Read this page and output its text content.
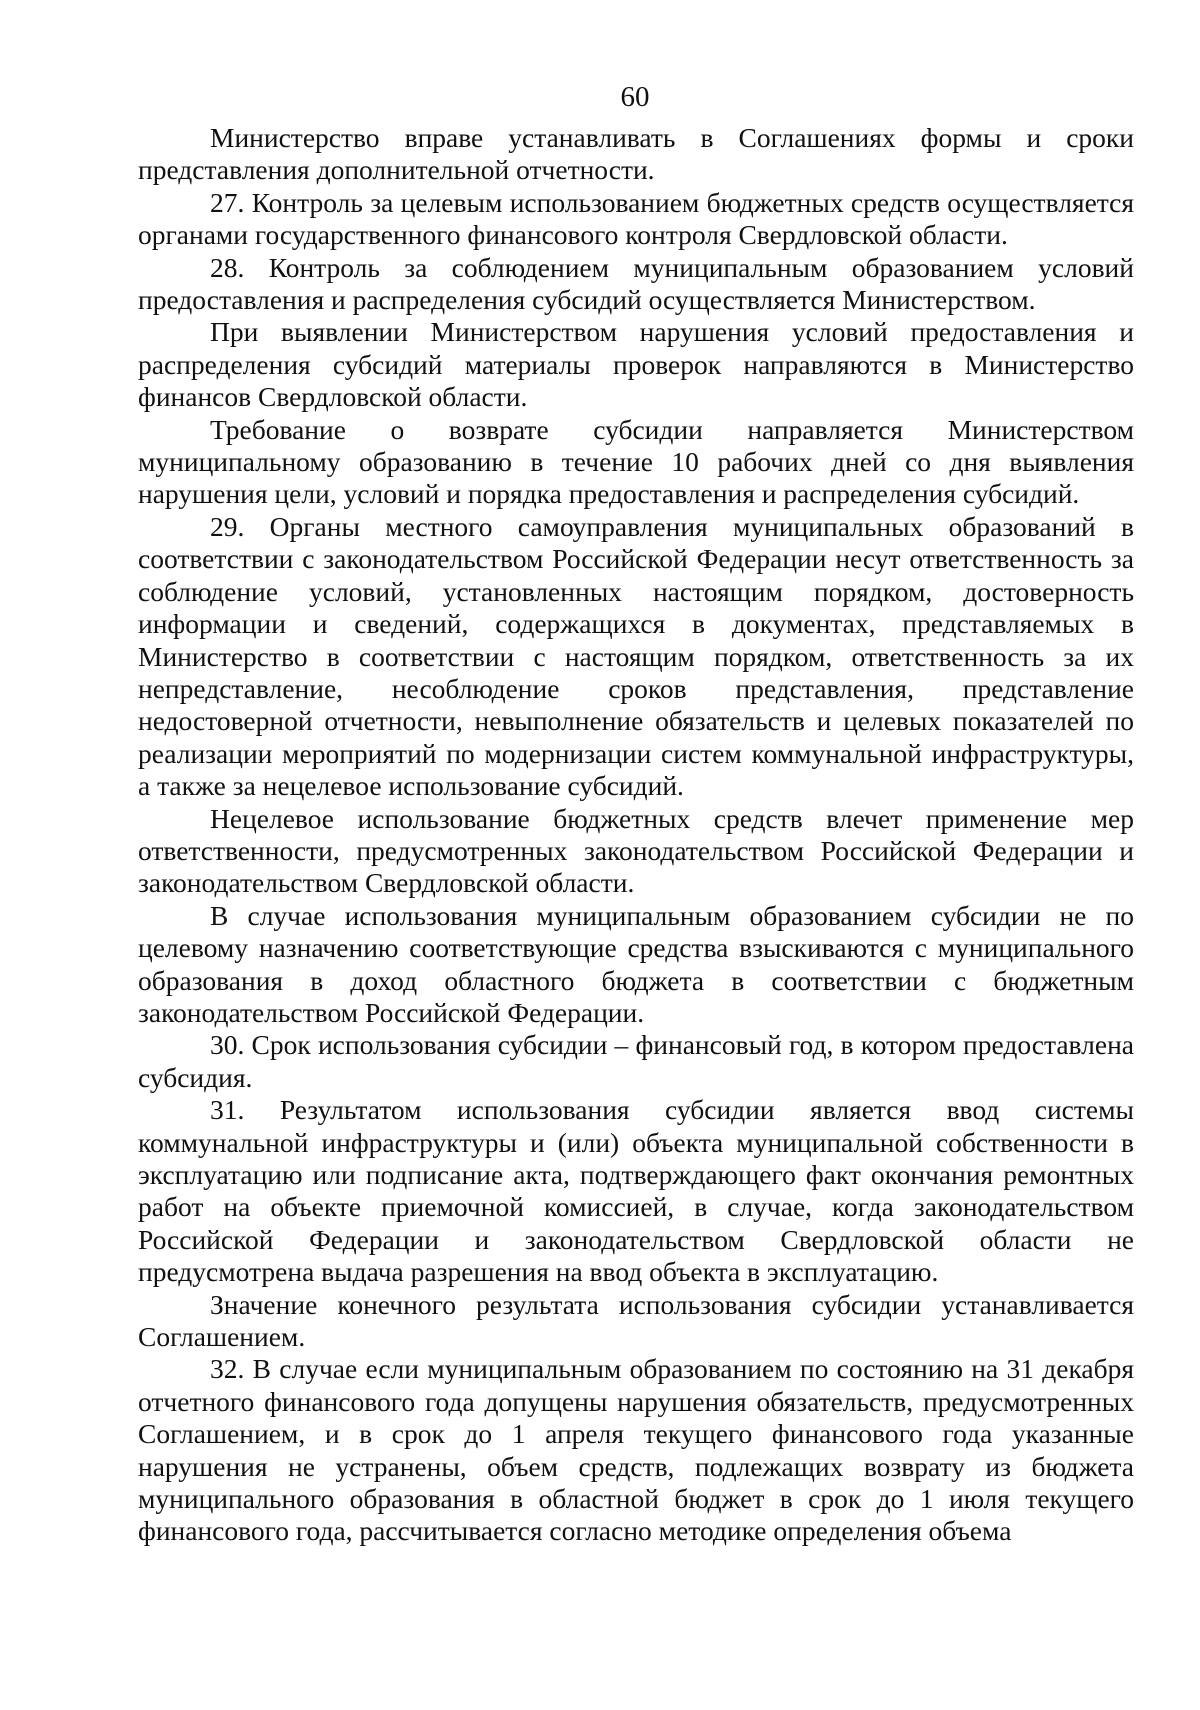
60

Министерство вправе устанавливать в Соглашениях формы и сроки представления дополнительной отчетности.

27. Контроль за целевым использованием бюджетных средств осуществляется органами государственного финансового контроля Свердловской области.

28. Контроль за соблюдением муниципальным образованием условий предоставления и распределения субсидий осуществляется Министерством.

При выявлении Министерством нарушения условий предоставления и распределения субсидий материалы проверок направляются в Министерство финансов Свердловской области.

Требование о возврате субсидии направляется Министерством муниципальному образованию в течение 10 рабочих дней со дня выявления нарушения цели, условий и порядка предоставления и распределения субсидий.

29. Органы местного самоуправления муниципальных образований в соответствии с законодательством Российской Федерации несут ответственность за соблюдение условий, установленных настоящим порядком, достоверность информации и сведений, содержащихся в документах, представляемых в Министерство в соответствии с настоящим порядком, ответственность за их непредставление, несоблюдение сроков представления, представление недостоверной отчетности, невыполнение обязательств и целевых показателей по реализации мероприятий по модернизации систем коммунальной инфраструктуры, а также за нецелевое использование субсидий.

Нецелевое использование бюджетных средств влечет применение мер ответственности, предусмотренных законодательством Российской Федерации и законодательством Свердловской области.

В случае использования муниципальным образованием субсидии не по целевому назначению соответствующие средства взыскиваются с муниципального образования в доход областного бюджета в соответствии с бюджетным законодательством Российской Федерации.

30. Срок использования субсидии – финансовый год, в котором предоставлена субсидия.

31. Результатом использования субсидии является ввод системы коммунальной инфраструктуры и (или) объекта муниципальной собственности в эксплуатацию или подписание акта, подтверждающего факт окончания ремонтных работ на объекте приемочной комиссией, в случае, когда законодательством Российской Федерации и законодательством Свердловской области не предусмотрена выдача разрешения на ввод объекта в эксплуатацию.

Значение конечного результата использования субсидии устанавливается Соглашением.

32. В случае если муниципальным образованием по состоянию на 31 декабря отчетного финансового года допущены нарушения обязательств, предусмотренных Соглашением, и в срок до 1 апреля текущего финансового года указанные нарушения не устранены, объем средств, подлежащих возврату из бюджета муниципального образования в областной бюджет в срок до 1 июля текущего финансового года, рассчитывается согласно методике определения объема
